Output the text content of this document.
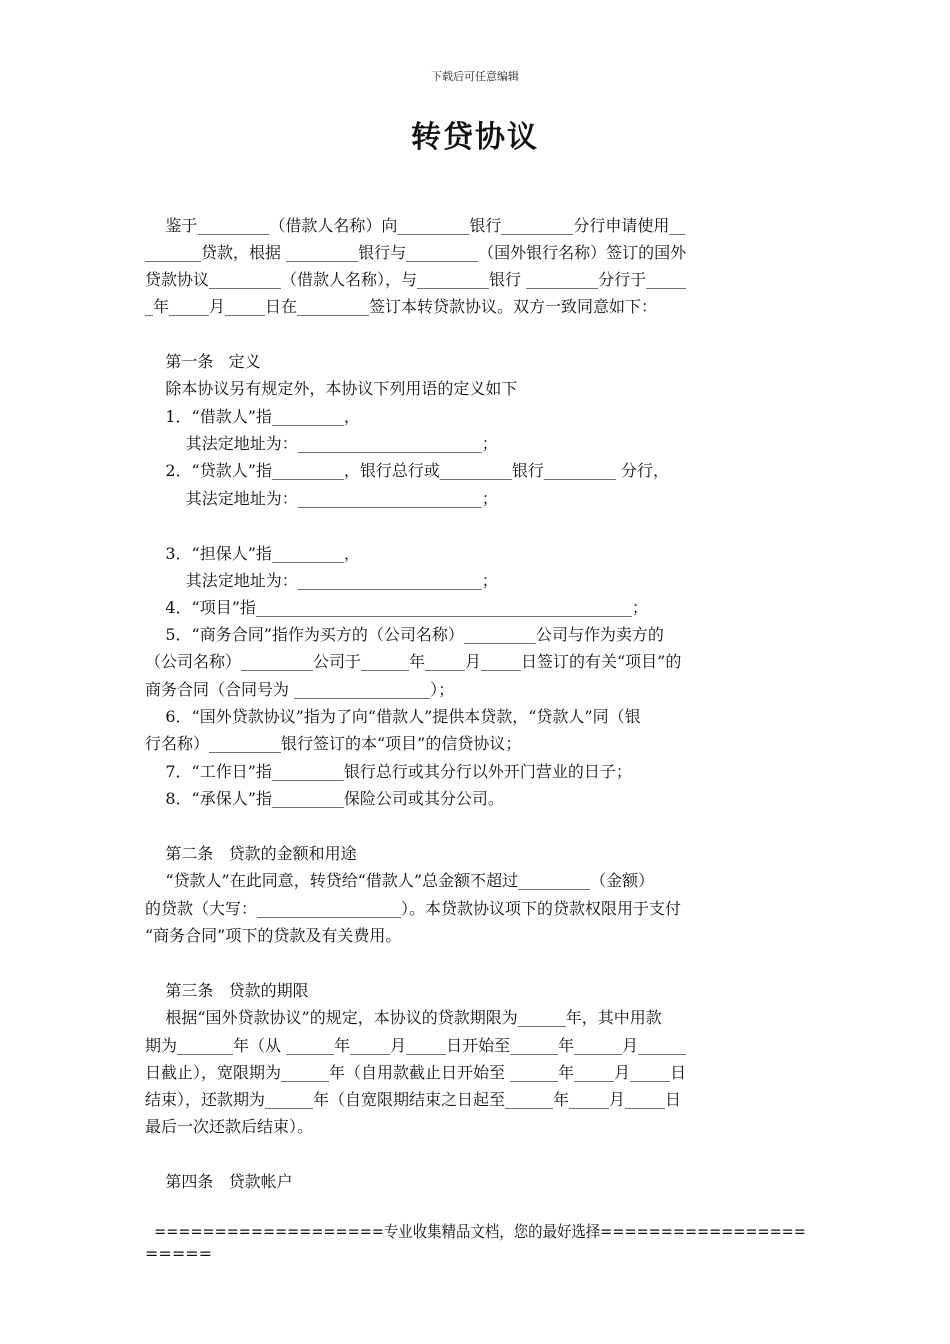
下载后可任意编辑
转贷协议
鉴于_________（借款人名称）向_________银行_________分行申请使用__
_______贷款，根据 _________银行与_________（国外银行名称）签订的国外
贷款协议_________（借款人名称），与_________银行 _________分行于_____
_年_____月_____日在_________签订本转贷款协议。双方一致同意如下：
第一条   定义
除本协议另有规定外，本协议下列用语的定义如下
1．“借款人”指_________，
其法定地址为：_______________________；
2．“贷款人”指_________，银行总行或_________银行_________ 分行，
其法定地址为：_______________________；
3．“担保人”指_________，
其法定地址为：_______________________；
4．“项目”指_______________________________________________；
5．“商务合同”指作为买方的（公司名称）_________公司与作为卖方的
（公司名称）_________公司于______年_____月_____日签订的有关“项目”的
商务合同（合同号为 _________________）；
6．“国外贷款协议”指为了向“借款人”提供本贷款，“贷款人”同（银
行名称）_________银行签订的本“项目”的信贷协议；
7．“工作日”指_________银行总行或其分行以外开门营业的日子；
8．“承保人”指_________保险公司或其分公司。
第二条   贷款的金额和用途
“贷款人”在此同意，转贷给“借款人”总金额不超过_________（金额）
的贷款（大写：__________________）。本贷款协议项下的贷款权限用于支付
“商务合同”项下的贷款及有关费用。
第三条   贷款的期限
根据“国外贷款协议”的规定，本协议的贷款期限为______年，其中用款
期为_______年（从 ______年_____月_____日开始至______年______月______
日截止），宽限期为______年（自用款截止日开始至 ______年_____月_____日
结束），还款期为______年（自宽限期结束之日起至______年_____月_____日
最后一次还款后结束）。
第四条   贷款帐户
===================专业收集精品文档，您的最好选择=================
=====
